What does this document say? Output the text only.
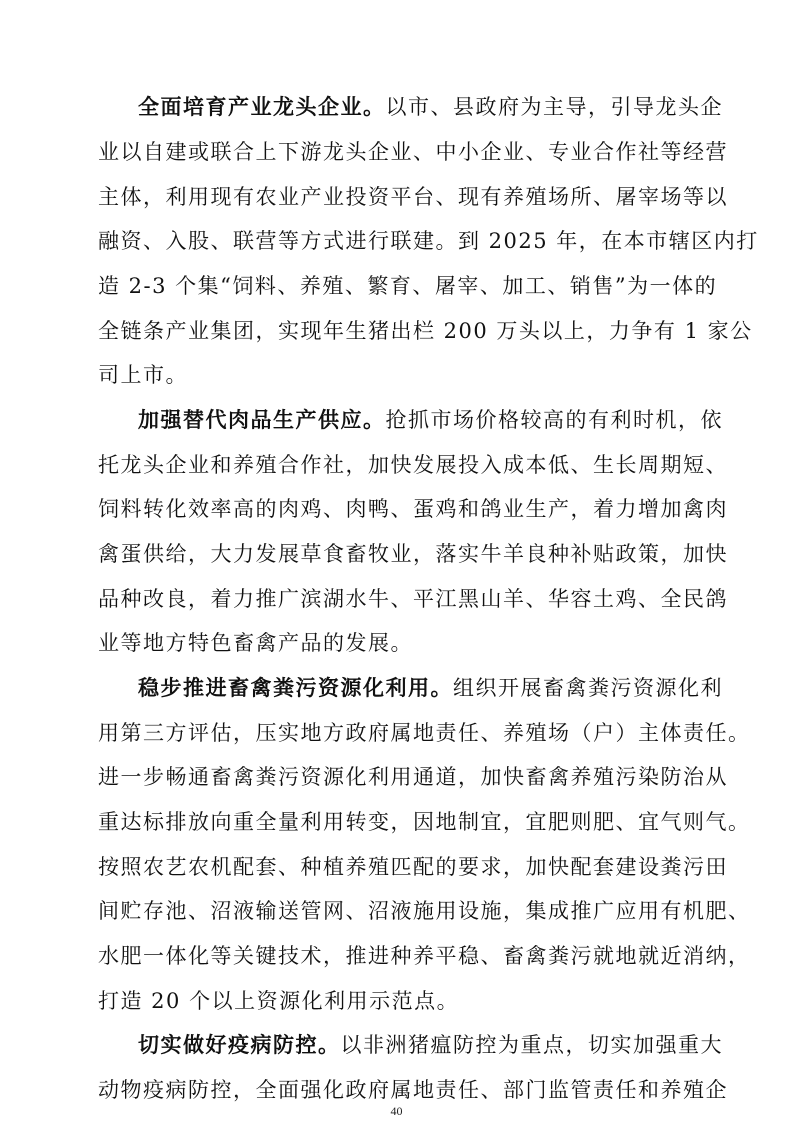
全面培育产业龙头企业。以市、县政府为主导，引导龙头企
业以自建或联合上下游龙头企业、中小企业、专业合作社等经营
主体，利用现有农业产业投资平台、现有养殖场所、屠宰场等以
融资、入股、联营等方式进行联建。到 2025 年，在本市辖区内打
造 2-3 个集“饲料、养殖、繁育、屠宰、加工、销售”为一体的
全链条产业集团，实现年生猪出栏 200 万头以上，力争有 1 家公
司上市。
加强替代肉品生产供应。抢抓市场价格较高的有利时机，依
托龙头企业和养殖合作社，加快发展投入成本低、生长周期短、
饲料转化效率高的肉鸡、肉鸭、蛋鸡和鸽业生产，着力增加禽肉
禽蛋供给，大力发展草食畜牧业，落实牛羊良种补贴政策，加快
品种改良，着力推广滨湖水牛、平江黑山羊、华容土鸡、全民鸽
业等地方特色畜禽产品的发展。
稳步推进畜禽粪污资源化利用。组织开展畜禽粪污资源化利
用第三方评估，压实地方政府属地责任、养殖场（户）主体责任。
进一步畅通畜禽粪污资源化利用通道，加快畜禽养殖污染防治从
重达标排放向重全量利用转变，因地制宜，宜肥则肥、宜气则气。
按照农艺农机配套、种植养殖匹配的要求，加快配套建设粪污田
间贮存池、沼液输送管网、沼液施用设施，集成推广应用有机肥、
水肥一体化等关键技术，推进种养平稳、畜禽粪污就地就近消纳，
打造 20 个以上资源化利用示范点。
切实做好疫病防控。以非洲猪瘟防控为重点，切实加强重大
动物疫病防控，全面强化政府属地责任、部门监管责任和养殖企
40
